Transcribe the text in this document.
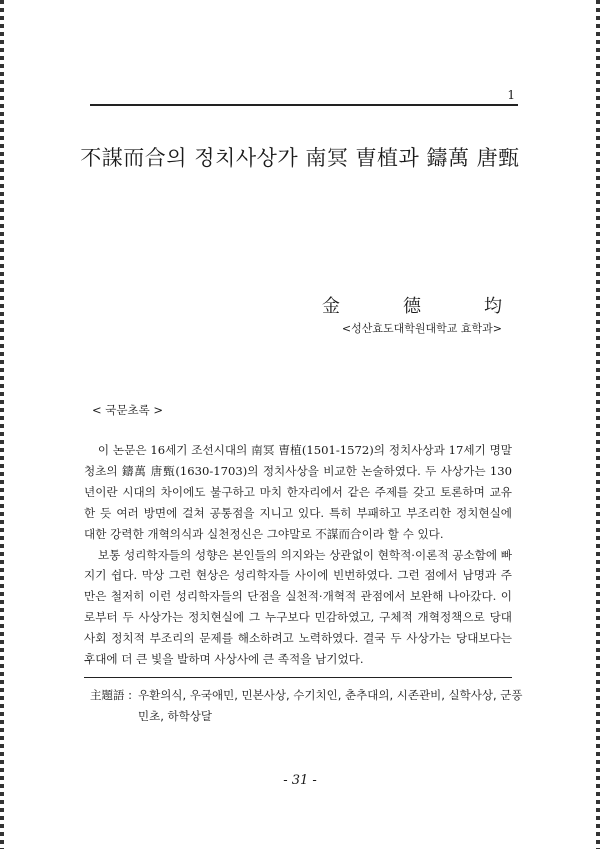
1
不謀而合의 정치사상가 南冥 曺植과 鑄萬 唐甄
金	德	均
<성산효도대학원대학교 효학과>
< 국문초록 >

이 논문은 16세기 조선시대의 南冥 曺植(1501-1572)의 정치사상과 17세기 명말 청초의 鑄萬 唐甄(1630-1703)의 정치사상을 비교한 논술하였다. 두 사상가는 130년이란 시대의 차이에도 불구하고 마치 한자리에서 같은 주제를 갖고 토론하며 교유한 듯 여러 방면에 걸쳐 공통점을 지니고 있다. 특히 부패하고 부조리한 정치현실에 대한 강력한 개혁의식과 실천정신은 그야말로 不謀而合이라 할 수 있다.

보통 성리학자들의 성향은 본인들의 의지와는 상관없이 현학적·이론적 공소함에 빠지기 쉽다. 막상 그런 현상은 성리학자들 사이에 빈번하였다. 그런 점에서 남명과 주만은 철저히 이런 성리학자들의 단점을 실천적·개혁적 관점에서 보완해 나아갔다. 이로부터 두 사상가는 정치현실에 그 누구보다 민감하였고, 구체적 개혁정책으로 당대 사회 정치적 부조리의 문제를 해소하려고 노력하였다. 결국 두 사상가는 당대보다는 후대에 더 큰 빛을 발하며 사상사에 큰 족적을 남기었다.

主題語 : 우환의식, 우국애민, 민본사상, 수기치인, 춘추대의, 시존관비, 실학사상, 군풍민초, 하학상달
- 31 -
